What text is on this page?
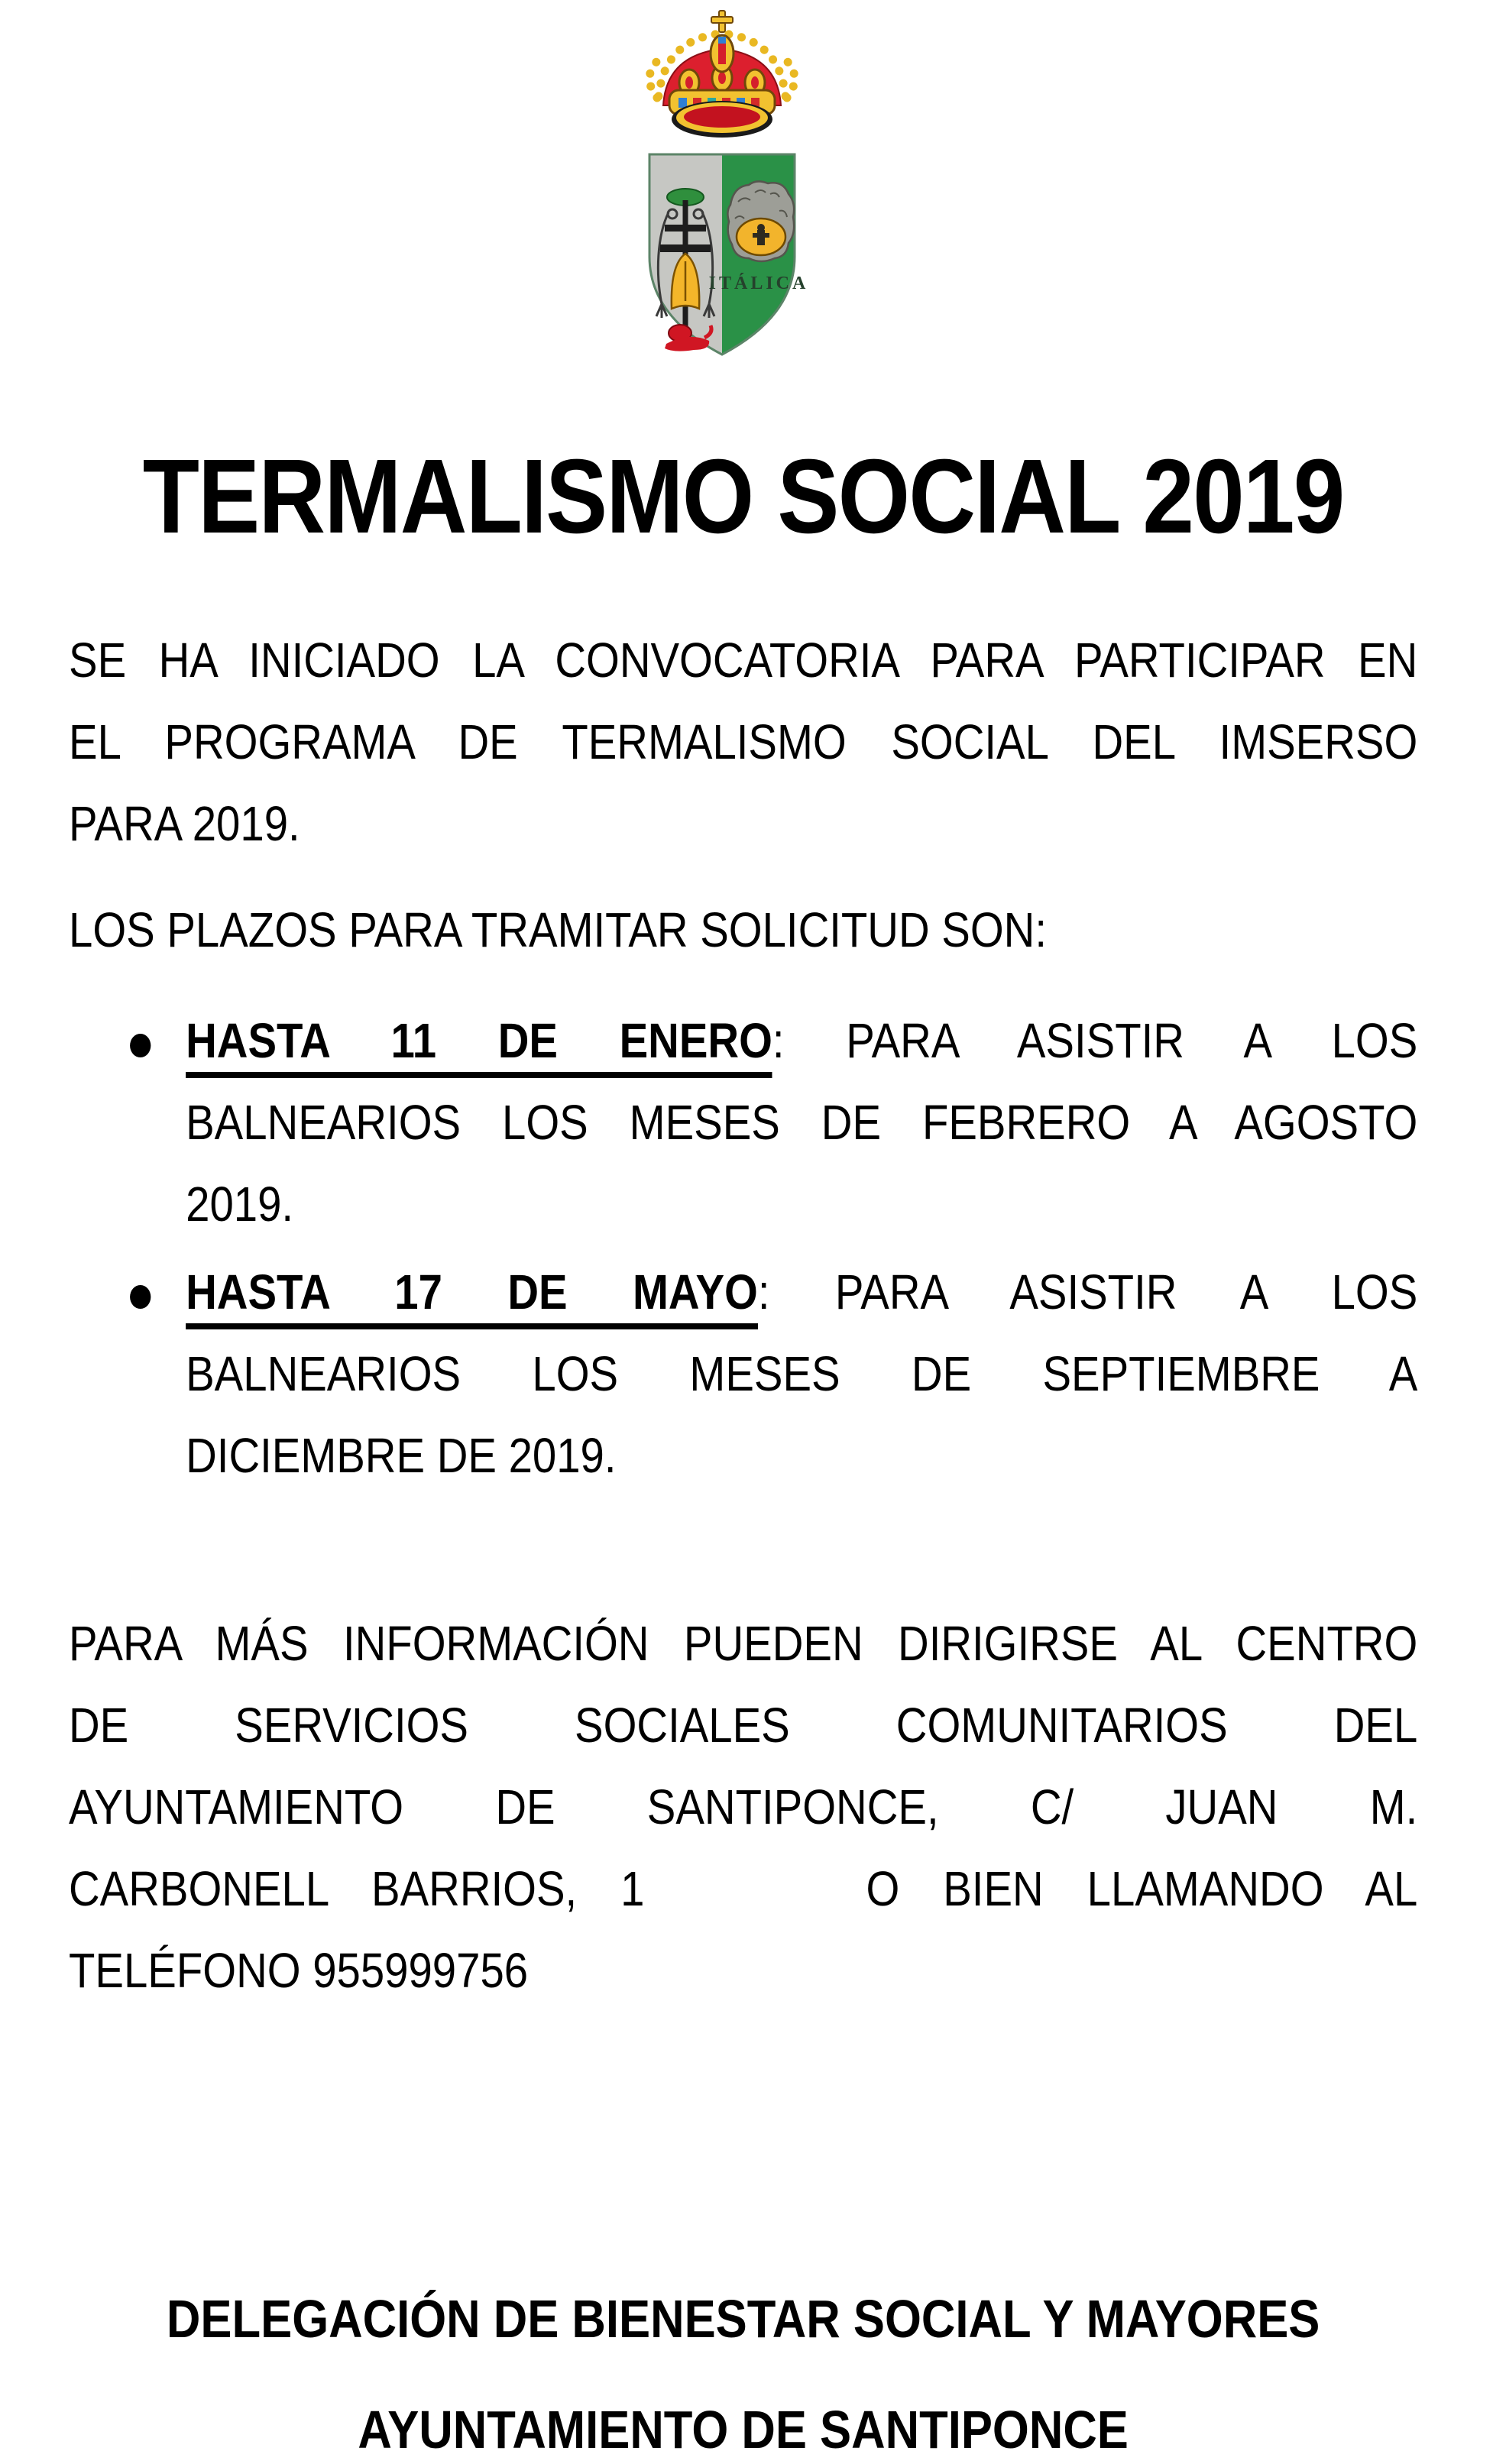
ITÁLICA
TERMALISMO SOCIAL 2019
SE HA INICIADO LA CONVOCATORIA PARA PARTICIPAR EN
EL PROGRAMA DE TERMALISMO SOCIAL DEL IMSERSO
PARA 2019.
LOS PLAZOS PARA TRAMITAR SOLICITUD SON:
HASTA 11 DE ENERO: PARA ASISTIR A LOS
BALNEARIOS LOS MESES DE FEBRERO A AGOSTO
2019.
HASTA 17 DE MAYO: PARA ASISTIR A LOS
BALNEARIOS LOS MESES DE SEPTIEMBRE A
DICIEMBRE DE 2019.
PARA MÁS INFORMACIÓN PUEDEN DIRIGIRSE AL CENTRO
DE SERVICIOS SOCIALES COMUNITARIOS DEL
AYUNTAMIENTO DE SANTIPONCE, C/ JUAN M.
CARBONELL BARRIOS, 1	O BIEN LLAMANDO AL
TELÉFONO 955999756
DELEGACIÓN DE BIENESTAR SOCIAL Y MAYORES
AYUNTAMIENTO DE SANTIPONCE
